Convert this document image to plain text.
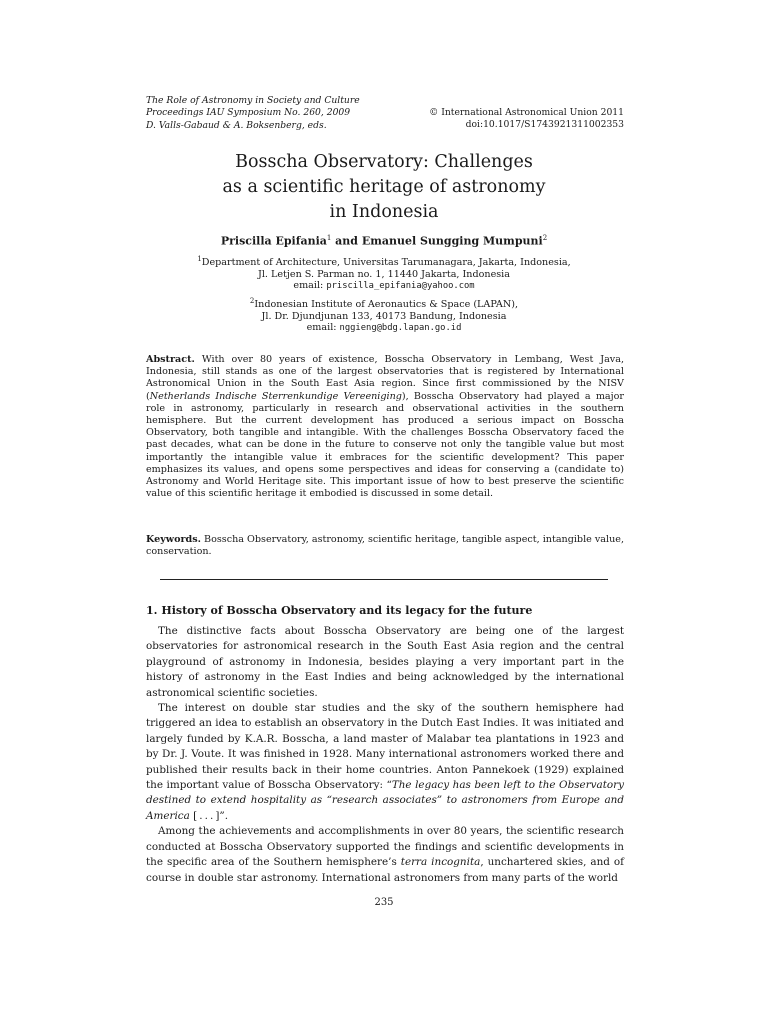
The Role of Astronomy in Society and Culture
Proceedings IAU Symposium No. 260, 2009
D. Valls-Gabaud & A. Boksenberg, eds.
© International Astronomical Union 2011
doi:10.1017/S1743921311002353
Bosscha Observatory: Challenges
as a scientific heritage of astronomy
in Indonesia
Priscilla Epifania$^1$ and Emanuel Sungging Mumpuni$^2$
$^1$Department of Architecture, Universitas Tarumanagara, Jakarta, Indonesia,
Jl. Letjen S. Parman no. 1, 11440 Jakarta, Indonesia
email: priscilla_epifania@yahoo.com
$^2$Indonesian Institute of Aeronautics & Space (LAPAN),
Jl. Dr. Djundjunan 133, 40173 Bandung, Indonesia
email: nggieng@bdg.lapan.go.id
Abstract. With over 80 years of existence, Bosscha Observatory in Lembang, West Java, Indonesia, still stands as one of the largest observatories that is registered by International Astronomical Union in the South East Asia region. Since first commissioned by the NISV (Netherlands Indische Sterrenkundige Vereeniging), Bosscha Observatory had played a major role in astronomy, particularly in research and observational activities in the southern hemisphere. But the current development has produced a serious impact on Bosscha Observatory, both tangible and intangible. With the challenges Bosscha Observatory faced the past decades, what can be done in the future to conserve not only the tangible value but most importantly the intangible value it embraces for the scientific development? This paper emphasizes its values, and opens some perspectives and ideas for conserving a (candidate to) Astronomy and World Heritage site. This important issue of how to best preserve the scientific value of this scientific heritage it embodied is discussed in some detail.
Keywords. Bosscha Observatory, astronomy, scientific heritage, tangible aspect, intangible value, conservation.
1. History of Bosscha Observatory and its legacy for the future

The distinctive facts about Bosscha Observatory are being one of the largest observatories for astronomical research in the South East Asia region and the central playground of astronomy in Indonesia, besides playing a very important part in the history of astronomy in the East Indies and being acknowledged by the international astronomical scientific societies.

The interest on double star studies and the sky of the southern hemisphere had triggered an idea to establish an observatory in the Dutch East Indies. It was initiated and largely funded by K.A.R. Bosscha, a land master of Malabar tea plantations in 1923 and by Dr. J. Voute. It was finished in 1928. Many international astronomers worked there and published their results back in their home countries. Anton Pannekoek (1929) explained the important value of Bosscha Observatory: “The legacy has been left to the Observatory destined to extend hospitality as “research associates” to astronomers from Europe and America [ . . . ]”.

Among the achievements and accomplishments in over 80 years, the scientific research conducted at Bosscha Observatory supported the findings and scientific developments in the specific area of the Southern hemisphere’s terra incognita, unchartered skies, and of course in double star astronomy. International astronomers from many parts of the world

235
